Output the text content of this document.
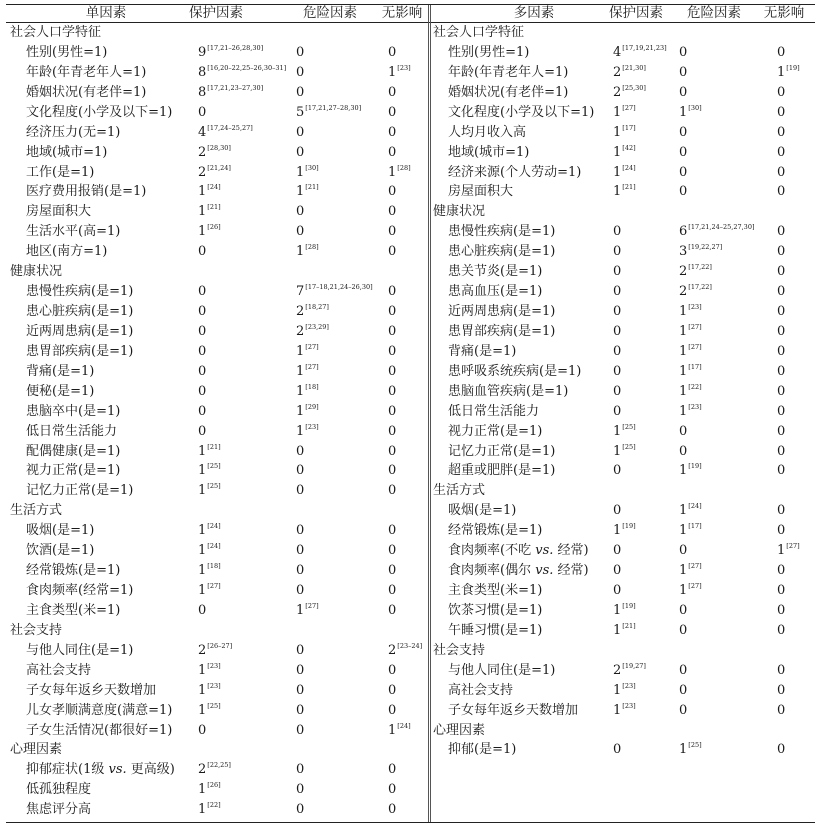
单因素	保护因素	危险因素	无影响	多因素	保护因素	危险因素	无影响
社会人口学特征
性别(男性=1)	9[17,21–26,28,30]	0	0
年龄(年青老年人=1)	8[16,20–22,25–26,30–31] 0	1[23]
婚姻状况(有老伴=1)	8[17,21,23–27,30]	0	0
文化程度(小学及以下=1) 0	5[17,21,27–28,30] 0
经济压力(无=1)	4[17,24–25,27]	0	0
地域(城市=1)	2[28,30]	0	0
工作(是=1)	2[21,24]	1[30]	1[28]
医疗费用报销(是=1)	1[24]	1[21]	0
房屋面积大	1[21]	0	0
生活水平(高=1)	1[26]	0	0
地区(南方=1)	0	1[28]	0
健康状况
患慢性疾病(是=1)	0	7[17–18,21,24–26,30] 0
患心脏疾病(是=1)	0	2[18,27]	0
近两周患病(是=1)	0	2[23,29]	0
患胃部疾病(是=1)	0	1[27]	0
背痛(是=1)	0	1[27]	0
便秘(是=1)	0	1[18]	0
患脑卒中(是=1)	0	1[29]	0
低日常生活能力	0	1[23]	0
配偶健康(是=1)	1[21]	0	0
视力正常(是=1)	1[25]	0	0
记忆力正常(是=1)	1[25]	0	0
生活方式
吸烟(是=1)	1[24]	0	0
饮酒(是=1)	1[24]	0	0
经常锻炼(是=1)	1[18]	0	0
食肉频率(经常=1)	1[27]	0	0
主食类型(米=1)	0	1[27]	0
社会支持
与他人同住(是=1)	2[26–27]	0	2[23–24]
高社会支持	1[23]	0	0
子女每年返乡天数增加	1[23]	0	0
儿女孝顺满意度(满意=1) 1[25]	0	0
子女生活情况(都很好=1) 0	0	1[24]
心理因素
抑郁症状(1级 vs. 更高级) 2[22,25]	0	0
低孤独程度	1[26]	0	0
焦虑评分高	1[22]	0	0
社会人口学特征
性别(男性=1)	4[17,19,21,23] 0	0
年龄(年青老年人=1)	2[21,30]	0	1[19]
婚姻状况(有老伴=1)	2[25,30]	0	0
文化程度(小学及以下=1) 1[27]	1[30]	0
人均月收入高	1[17]	0	0
地域(城市=1)	1[42]	0	0
经济来源(个人劳动=1) 1[24]	0	0
房屋面积大	1[21]	0	0
健康状况
患慢性疾病(是=1)	0	6[17,21,24–25,27,30] 0
患心脏疾病(是=1)	0	3[19,22,27]	0
患关节炎(是=1)	0	2[17,22]	0
患高血压(是=1)	0	2[17,22]	0
近两周患病(是=1)	0	1[23]	0
患胃部疾病(是=1)	0	1[27]	0
背痛(是=1)	0	1[27]	0
患呼吸系统疾病(是=1) 0	1[17]	0
患脑血管疾病(是=1)	0	1[22]	0
低日常生活能力	0	1[23]	0
视力正常(是=1)	1[25]	0	0
记忆力正常(是=1)	1[25]	0	0
超重或肥胖(是=1)	0	1[19]	0
生活方式
吸烟(是=1)	0	1[24]	0
经常锻炼(是=1)	1[19]	1[17]	0
食肉频率(不吃 vs. 经常) 0	0	1[27]
食肉频率(偶尔 vs. 经常) 0	1[27]	0
主食类型(米=1)	0	1[27]	0
饮茶习惯(是=1)	1[19]	0	0
午睡习惯(是=1)	1[21]	0	0
社会支持
与他人同住(是=1)	2[19,27]	0	0
高社会支持	1[23]	0	0
子女每年返乡天数增加	1[23]	0	0
心理因素
抑郁(是=1)	0	1[25]	0
